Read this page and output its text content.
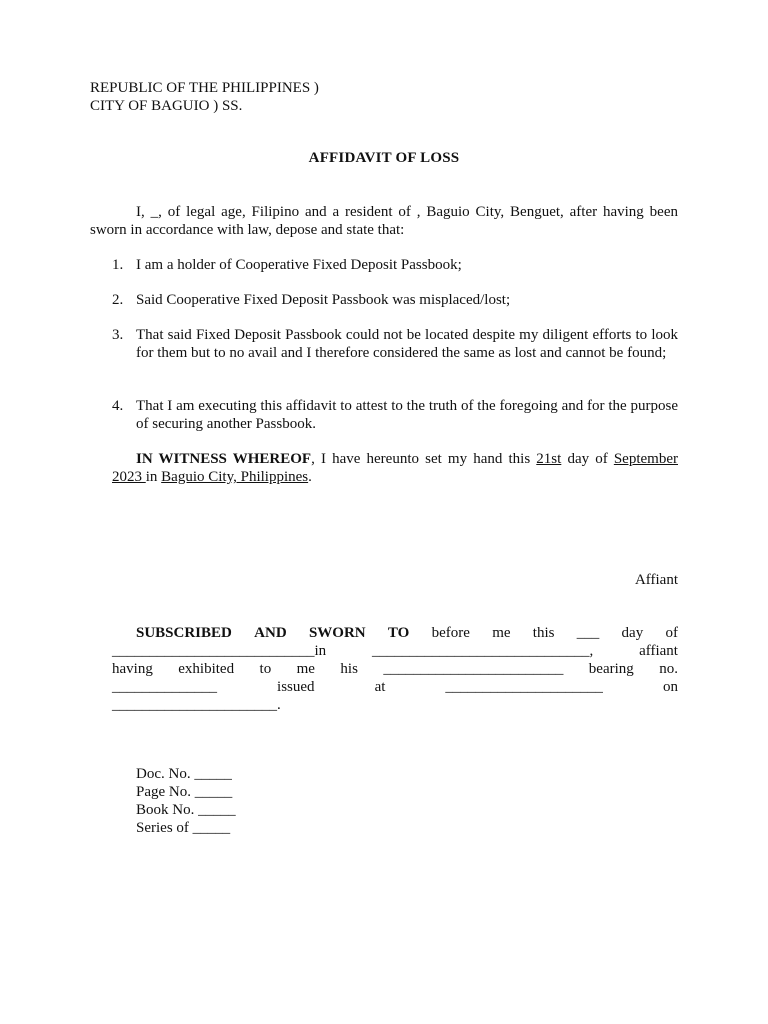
REPUBLIC OF THE PHILIPPINES )
CITY OF BAGUIO ) SS.
AFFIDAVIT OF LOSS
I, _, of legal age, Filipino and a resident of , Baguio City, Benguet, after having been sworn in accordance with law, depose and state that:
1. I am a holder of Cooperative Fixed Deposit Passbook;
2. Said Cooperative Fixed Deposit Passbook was misplaced/lost;
3. That said Fixed Deposit Passbook could not be located despite my diligent efforts to look for them but to no avail and I therefore considered the same as lost and cannot be found;
4. That I am executing this affidavit to attest to the truth of the foregoing and for the purpose of securing another Passbook.
IN WITNESS WHEREOF, I have hereunto set my hand this 21st day of September 2023 in Baguio City, Philippines.
Affiant
SUBSCRIBED AND SWORN TO before me this ___ day of
___________________________in	_____________________________,	affiant
having exhibited to me his ________________________ bearing no.
______________	issued	at	_____________________	on
______________________.
Doc. No. _____
Page No. _____
Book No. _____
Series of _____
